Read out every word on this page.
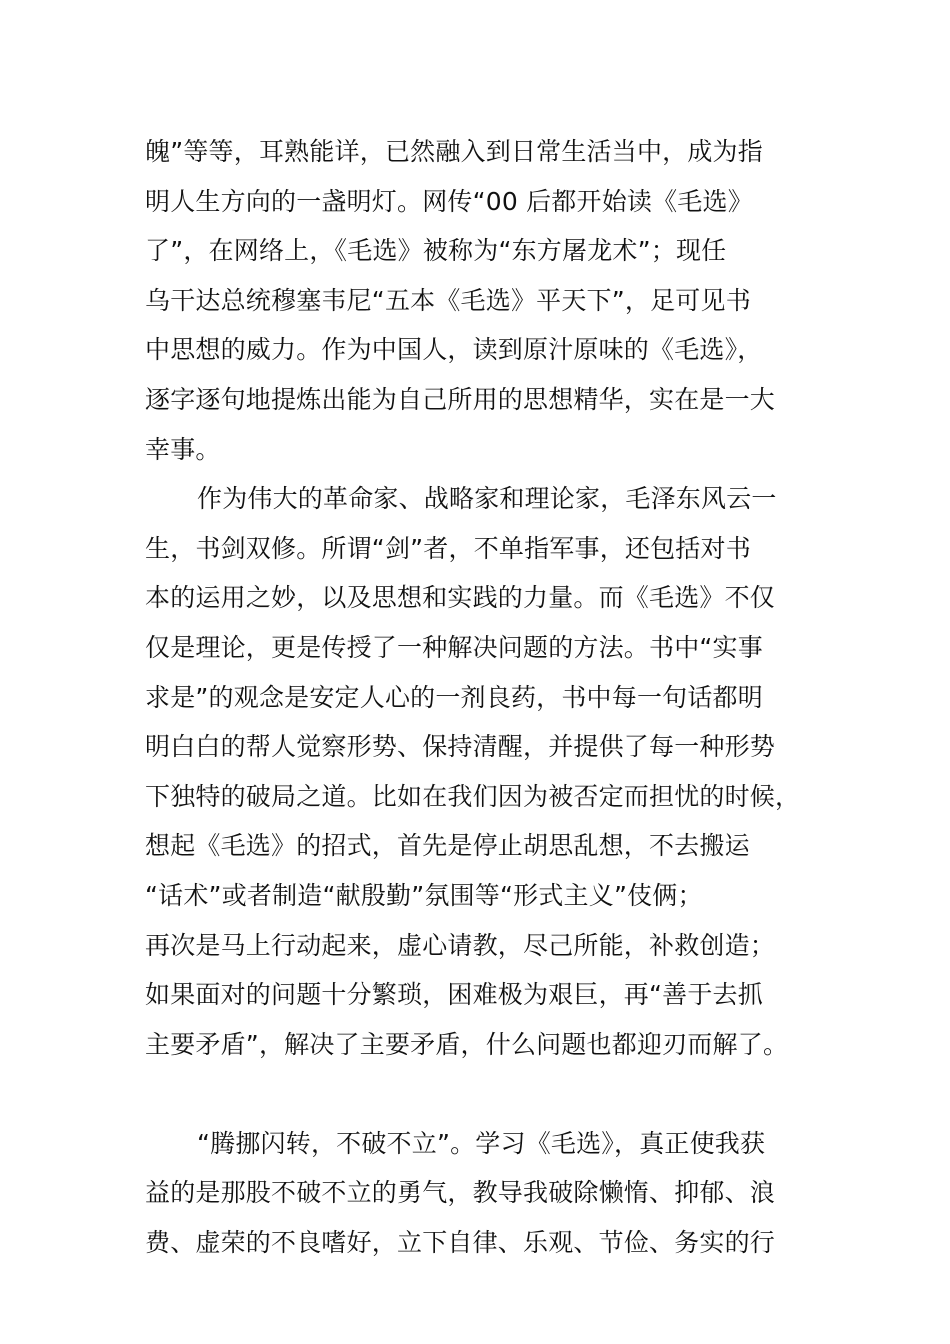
魄”等等，耳熟能详，已然融入到日常生活当中，成为指
明人生方向的一盏明灯。网传“00 后都开始读《毛选》
了”，在网络上，《毛选》被称为“东方屠龙术”；现任
乌干达总统穆塞韦尼“五本《毛选》平天下”，足可见书
中思想的威力。作为中国人，读到原汁原味的《毛选》，
逐字逐句地提炼出能为自己所用的思想精华，实在是一大
幸事。
作为伟大的革命家、战略家和理论家，毛泽东风云一
生，书剑双修。所谓“剑”者，不单指军事，还包括对书
本的运用之妙，以及思想和实践的力量。而《毛选》不仅
仅是理论，更是传授了一种解决问题的方法。书中“实事
求是”的观念是安定人心的一剂良药，书中每一句话都明
明白白的帮人觉察形势、保持清醒，并提供了每一种形势
下独特的破局之道。比如在我们因为被否定而担忧的时候，
想起《毛选》的招式，首先是停止胡思乱想，不去搬运
“话术”或者制造“献殷勤”氛围等“形式主义”伎俩；
再次是马上行动起来，虚心请教，尽己所能，补救创造；
如果面对的问题十分繁琐，困难极为艰巨，再“善于去抓
主要矛盾”，解决了主要矛盾，什么问题也都迎刃而解了。
“腾挪闪转，不破不立”。学习《毛选》，真正使我获
益的是那股不破不立的勇气，教导我破除懒惰、抑郁、浪
费、虚荣的不良嗜好，立下自律、乐观、节俭、务实的行
